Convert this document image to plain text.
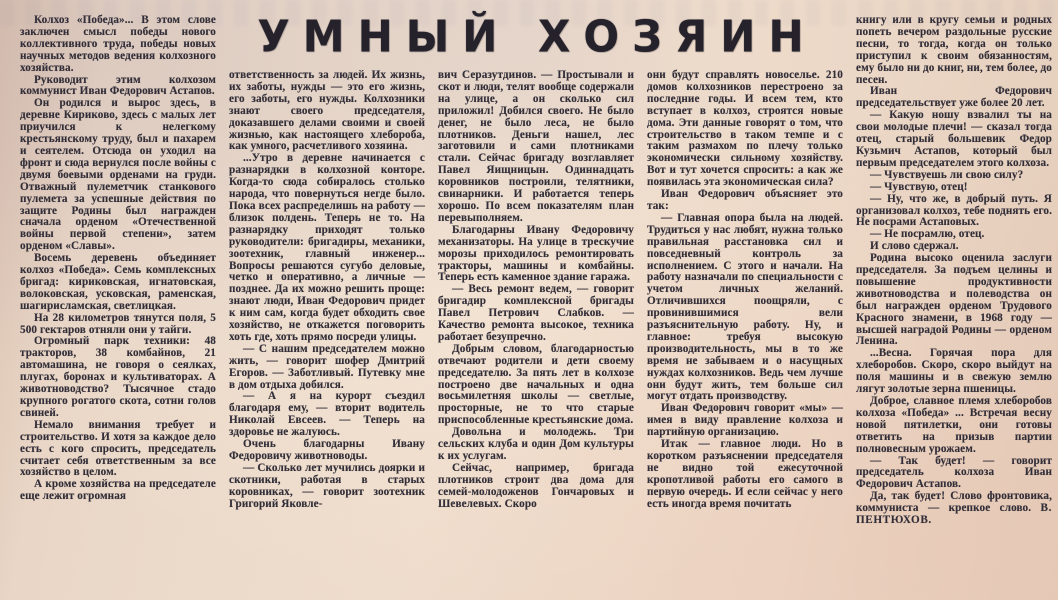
УМНЫЙ ХОЗЯИН

Колхоз «Победа»... В этом слове заключен смысл победы нового коллективного труда, победы новых научных методов ведения колхозного хозяйства.

Руководит этим колхозом коммунист Иван Федорович Астапов.

Он родился и вырос здесь, в деревне Кириково, здесь с малых лет приучился к нелегкому крестьянскому труду, был и пахарем и сеятелем. Отсюда он уходил на фронт и сюда вернулся после войны с двумя боевыми орденами на груди. Отважный пулеметчик станкового пулемета за успешные действия по защите Родины был награжден сначала орденом «Отечественной войны первой степени», затем орденом «Славы».

Восемь деревень объединяет колхоз «Победа». Семь комплексных бригад: кириковская, игнатовская, волоковская, усковская, раменская, шагирисламская, светлицкая.

На 28 километров тянутся поля, 5 500 гектаров отняли они у тайги.

Огромный парк техники: 48 тракторов, 38 комбайнов, 21 автомашина, не говоря о сеялках, плугах, боронах и культиваторах. А животноводство? Тысячное стадо крупного рогатого скота, сотни голов свиней.

Немало внимания требует и строительство. И хотя за каждое дело есть с кого спросить, председатель считает себя ответственным за все хозяйство в целом.

А кроме хозяйства на председателе еще лежит огромная

ответственность за людей. Их жизнь, их заботы, нужды — это его жизнь, его заботы, его нужды. Колхозники знают своего председателя, доказавшего делами своими и своей жизнью, как настоящего хлебороба, как умного, расчетливого хозяина.

...Утро в деревне начинается с разнарядки в колхозной конторе. Когда-то сюда собиралось столько народа, что повернуться негде было. Пока всех распределишь на работу — близок полдень. Теперь не то. На разнарядку приходят только руководители: бригадиры, механики, зоотехник, главный инженер... Вопросы решаются сугубо деловые, четко и оперативно, а личные — позднее. Да их можно решить проще: знают люди, Иван Федорович придет к ним сам, когда будет обходить свое хозяйство, не откажется поговорить хоть где, хоть прямо посреди улицы.

— С нашим председателем можно жить, — говорит шофер Дмитрий Егоров. — Заботливый. Путевку мне в дом отдыха добился.

— А я на курорт съездил благодаря ему, — вторит водитель Николай Евсеев. — Теперь на здоровье не жалуюсь.

Очень благодарны Ивану Федоровичу животноводы.

— Сколько лет мучились доярки и скотники, работая в старых коровниках, — говорит зоотехник Григорий Яковле-

вич Серазутдинов. — Простывали и скот и люди, телят вообще содержали на улице, а он сколько сил приложил! Добился своего. Не было денег, не было леса, не было плотников. Деньги нашел, лес заготовили и сами плотниками стали. Сейчас бригаду возглавляет Павел Яищницын. Одиннадцать коровников построили, телятники, свинарники. И работается теперь хорошо. По всем показателям план перевыполняем.

Благодарны Ивану Федоровичу механизаторы. На улице в трескучие морозы приходилось ремонтировать тракторы, машины и комбайны. Теперь есть каменное здание гаража.

— Весь ремонт ведем, — говорит бригадир комплексной бригады Павел Петрович Слабков. — Качество ремонта высокое, техника работает безупречно.

Добрым словом, благодарностью отвечают родители и дети своему председателю. За пять лет в колхозе построено две начальных и одна восьмилетняя школы — светлые, просторные, не то что старые приспособленные крестьянские дома.

Довольна и молодежь. Три сельских клуба и один Дом культуры к их услугам.

Сейчас, например, бригада плотников строит два дома для семей-молодоженов Гончаровых и Шевелевых. Скоро

они будут справлять новоселье. 210 домов колхозников перестроено за последние годы. И всем тем, кто вступает в колхоз, строятся новые дома. Эти данные говорят о том, что строительство в таком темпе и с таким размахом по плечу только экономически сильному хозяйству. Вот и тут хочется спросить: а как же появилась эта экономическая сила?

Иван Федорович объясняет это так:

— Главная опора была на людей. Трудиться у нас любят, нужна только правильная расстановка сил и повседневный контроль за исполнением. С этого и начали. На работу назначали по специальности с учетом личных желаний. Отличившихся поощряли, с провинившимися вели разъяснительную работу. Ну, и главное: требуя высокую производительность, мы в то же время не забываем и о насущных нуждах колхозников. Ведь чем лучше они будут жить, тем больше сил могут отдать производству.

Иван Федорович говорит «мы» — имея в виду правление колхоза и партийную организацию.

Итак — главное люди. Но в коротком разъяснении председателя не видно той ежесуточной кропотливой работы его самого в первую очередь. И если сейчас у него есть иногда время почитать

книгу или в кругу семьи и родных попеть вечером раздольные русские песни, то тогда, когда он только приступил к своим обязанностям, ему было ни до книг, ни, тем более, до песен.

Иван Федорович председательствует уже более 20 лет.

— Какую ношу взвалил ты на свои молодые плечи! — сказал тогда отец, старый большевик Федор Кузьмич Астапов, который был первым председателем этого колхоза.

— Чувствуешь ли свою силу?

— Чувствую, отец!

— Ну, что же, в добрый путь. Я организовал колхоз, тебе поднять его. Не посрами Астаповых.

— Не посрамлю, отец.

И слово сдержал.

Родина высоко оценила заслуги председателя. За подъем целины и повышение продуктивности животноводства и полеводства он был награжден орденом Трудового Красного знамени, в 1968 году — высшей наградой Родины — орденом Ленина.

...Весна. Горячая пора для хлеборобов. Скоро, скоро выйдут на поля машины и в свежую землю лягут золотые зерна пшеницы.

Доброе, славное племя хлеборобов колхоза «Победа» ... Встречая весну новой пятилетки, они готовы ответить на призыв партии полновесным урожаем.

— Так будет! — говорит председатель колхоза Иван Федорович Астапов.

Да, так будет! Слово фронтовика, коммуниста — крепкое слово. В. ПЕНТЮХОВ.
